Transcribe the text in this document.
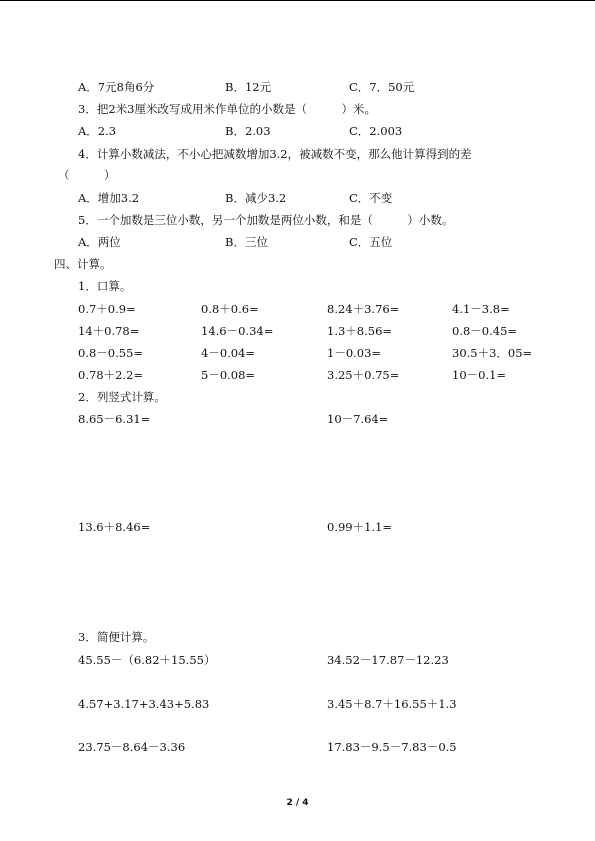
A．7元8角6分	B．12元	C．7．50元
3．把2米3厘米改写成用米作单位的小数是（　　　）米。
A．2.3	B．2.03	C．2.003
4．计算小数减法，不小心把减数增加3.2，被减数不变，那么他计算得到的差
（　　　）
A．增加3.2	B．减少3.2	C．不变
5．一个加数是三位小数，另一个加数是两位小数，和是（　　　）小数。
A．两位	B．三位	C．五位
四、计算。
1．口算。
0.7＋0.9=	0.8＋0.6=	8.24＋3.76=	4.1－3.8=
14＋0.78=	14.6－0.34=	1.3＋8.56=	0.8－0.45=
0.8－0.55=	4－0.04=	1－0.03=	30.5＋3．05=
0.78＋2.2=	5－0.08=	3.25＋0.75=	10－0.1=
2．列竖式计算。
8.65－6.31=	10－7.64=
13.6＋8.46=	0.99＋1.1=
3．简便计算。
45.55－（6.82＋15.55）	34.52－17.87－12.23
4.57+3.17+3.43+5.83	3.45＋8.7＋16.55＋1.3
23.75－8.64－3.36	17.83－9.5－7.83－0.5
2 / 4
